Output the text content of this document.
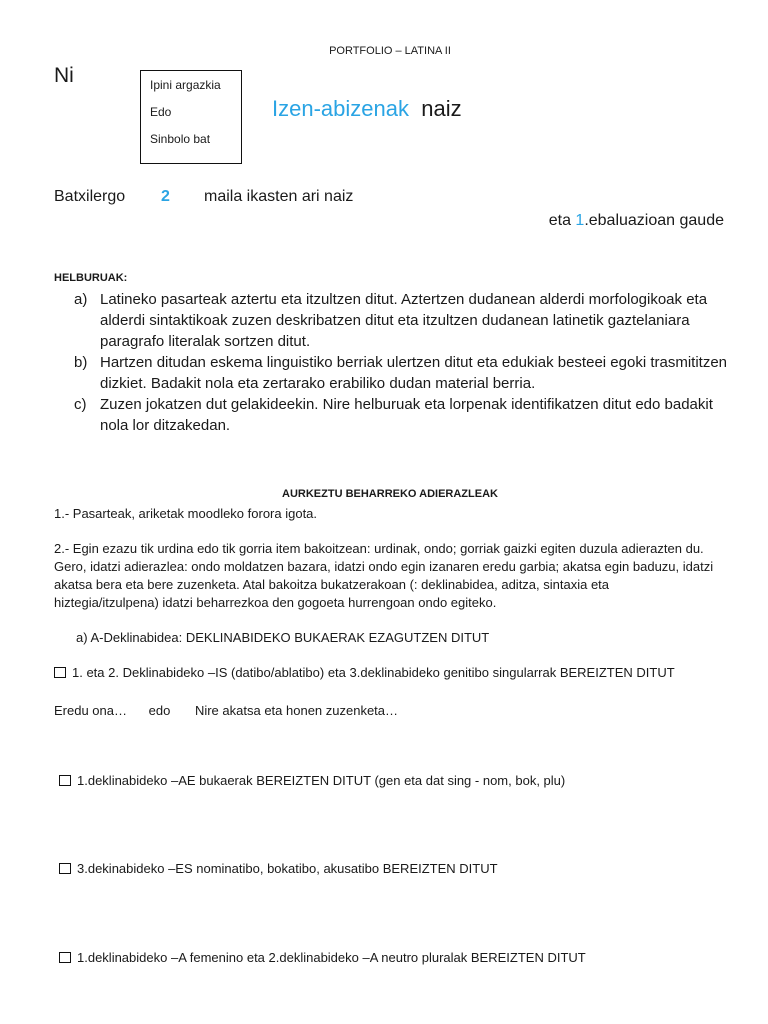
PORTFOLIO – LATINA II
Ni	Ipini argazkia
Edo
Sinbolo bat
Izen-abizenak naiz
Batxilergo 2 maila ikasten ari naiz
eta 1.ebaluazioan gaude
HELBURUAK:
a) Latineko pasarteak aztertu eta itzultzen ditut. Aztertzen dudanean alderdi morfologikoak eta alderdi sintaktikoak zuzen deskribatzen ditut eta itzultzen dudanean latinetik gaztelaniara paragrafo literalak sortzen ditut.
b) Hartzen ditudan eskema linguistiko berriak ulertzen ditut eta edukiak besteei egoki trasmititzen dizkiet. Badakit nola eta zertarako erabiliko dudan material berria.
c) Zuzen jokatzen dut gelakideekin. Nire helburuak eta lorpenak identifikatzen ditut edo badakit nola lor ditzakedan.
AURKEZTU BEHARREKO ADIERAZLEAK
1.- Pasarteak, ariketak moodleko forora igota.
2.- Egin ezazu tik urdina edo tik gorria item bakoitzean: urdinak, ondo; gorriak gaizki egiten duzula adierazten du. Gero, idatzi adierazlea: ondo moldatzen bazara, idatzi ondo egin izanaren eredu garbia; akatsa egin baduzu, idatzi akatsa bera eta bere zuzenketa. Atal bakoitza bukatzerakoan (: deklinabidea, aditza, sintaxia eta hiztegia/itzulpena) idatzi beharrezkoa den gogoeta hurrengoan ondo egiteko.
a) A-Deklinabidea: DEKLINABIDEKO BUKAERAK EZAGUTZEN DITUT
1. eta 2. Deklinabideko –IS (datibo/ablatibo) eta 3.deklinabideko genitibo singularrak BEREIZTEN DITUT
Eredu ona… edo Nire akatsa eta honen zuzenketa…
1.deklinabideko –AE bukaerak BEREIZTEN DITUT (gen eta dat sing - nom, bok, plu)
3.dekinabideko –ES nominatibo, bokatibo, akusatibo BEREIZTEN DITUT
1.deklinabideko –A femenino eta 2.deklinabideko –A neutro pluralak BEREIZTEN DITUT
